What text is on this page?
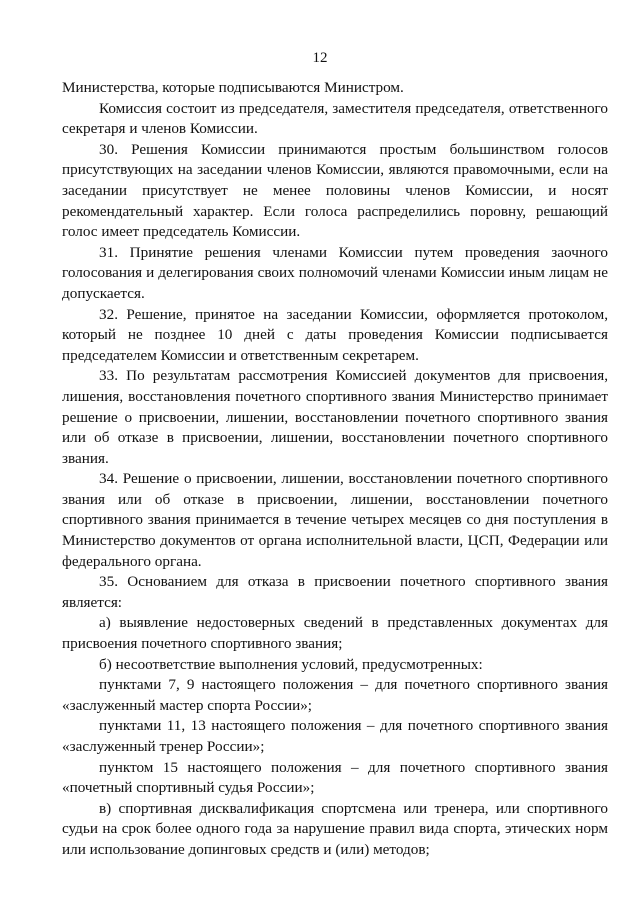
12

Министерства, которые подписываются Министром.

Комиссия состоит из председателя, заместителя председателя, ответственного секретаря и членов Комиссии.

30. Решения Комиссии принимаются простым большинством голосов присутствующих на заседании членов Комиссии, являются правомочными, если на заседании присутствует не менее половины членов Комиссии, и носят рекомендательный характер. Если голоса распределились поровну, решающий голос имеет председатель Комиссии.

31. Принятие решения членами Комиссии путем проведения заочного голосования и делегирования своих полномочий членами Комиссии иным лицам не допускается.

32. Решение, принятое на заседании Комиссии, оформляется протоколом, который не позднее 10 дней с даты проведения Комиссии подписывается председателем Комиссии и ответственным секретарем.

33. По результатам рассмотрения Комиссией документов для присвоения, лишения, восстановления почетного спортивного звания Министерство принимает решение о присвоении, лишении, восстановлении почетного спортивного звания или об отказе в присвоении, лишении, восстановлении почетного спортивного звания.

34. Решение о присвоении, лишении, восстановлении почетного спортивного звания или об отказе в присвоении, лишении, восстановлении почетного спортивного звания принимается в течение четырех месяцев со дня поступления в Министерство документов от органа исполнительной власти, ЦСП, Федерации или федерального органа.

35. Основанием для отказа в присвоении почетного спортивного звания является:

а) выявление недостоверных сведений в представленных документах для присвоения почетного спортивного звания;

б) несоответствие выполнения условий, предусмотренных:

пунктами 7, 9 настоящего положения – для почетного спортивного звания «заслуженный мастер спорта России»;

пунктами 11, 13 настоящего положения – для почетного спортивного звания «заслуженный тренер России»;

пунктом 15 настоящего положения – для почетного спортивного звания «почетный спортивный судья России»;

в) спортивная дисквалификация спортсмена или тренера, или спортивного судьи на срок более одного года за нарушение правил вида спорта, этических норм или использование допинговых средств и (или) методов;
